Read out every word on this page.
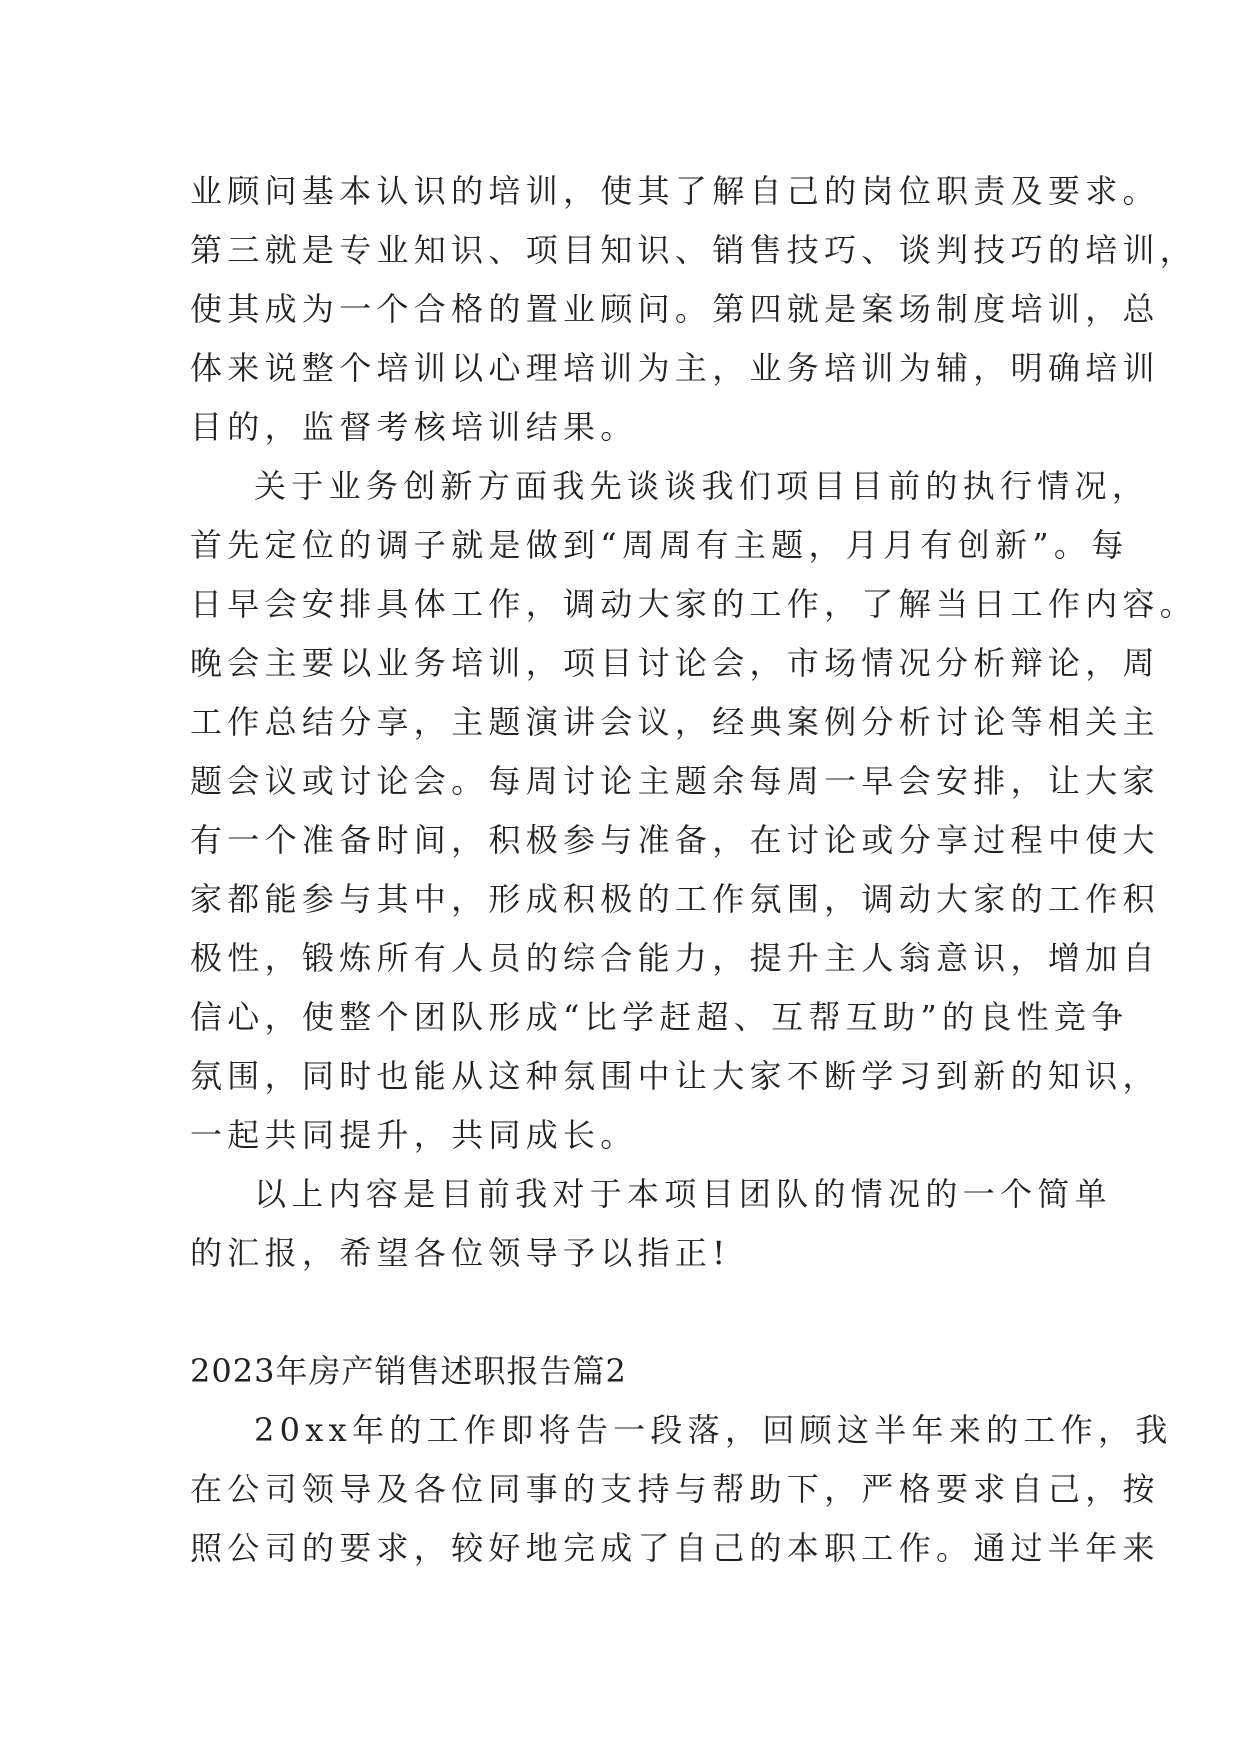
业顾问基本认识的培训，使其了解自己的岗位职责及要求。
第三就是专业知识、项目知识、销售技巧、谈判技巧的培训，
使其成为一个合格的置业顾问。第四就是案场制度培训，总
体来说整个培训以心理培训为主，业务培训为辅，明确培训
目的，监督考核培训结果。
关于业务创新方面我先谈谈我们项目目前的执行情况，
首先定位的调子就是做到“周周有主题，月月有创新”。每
日早会安排具体工作，调动大家的工作，了解当日工作内容。
晚会主要以业务培训，项目讨论会，市场情况分析辩论，周
工作总结分享，主题演讲会议，经典案例分析讨论等相关主
题会议或讨论会。每周讨论主题余每周一早会安排，让大家
有一个准备时间，积极参与准备，在讨论或分享过程中使大
家都能参与其中，形成积极的工作氛围，调动大家的工作积
极性，锻炼所有人员的综合能力，提升主人翁意识，增加自
信心，使整个团队形成“比学赶超、互帮互助”的良性竞争
氛围，同时也能从这种氛围中让大家不断学习到新的知识，
一起共同提升，共同成长。
以上内容是目前我对于本项目团队的情况的一个简单
的汇报，希望各位领导予以指正!
2023年房产销售述职报告篇2
20xx年的工作即将告一段落，回顾这半年来的工作，我
在公司领导及各位同事的支持与帮助下，严格要求自己，按
照公司的要求，较好地完成了自己的本职工作。通过半年来
